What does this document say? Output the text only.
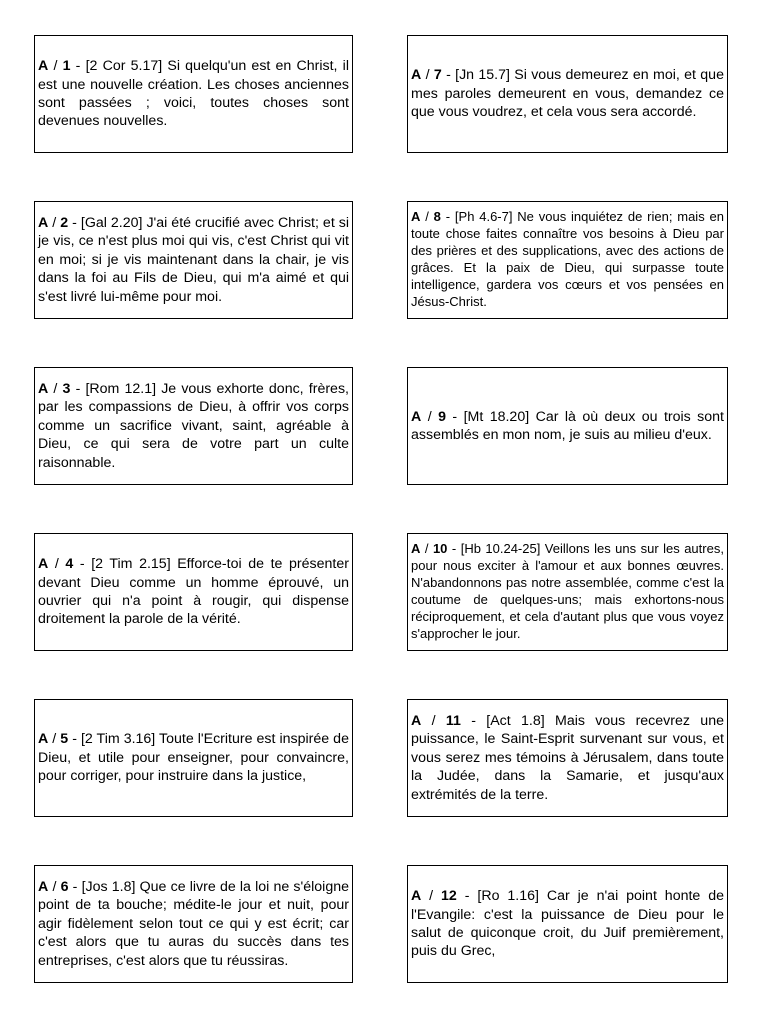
A / 1 - [2 Cor 5.17] Si quelqu'un est en Christ, il est une nouvelle création. Les choses anciennes sont passées ; voici, toutes choses sont devenues nouvelles.
A / 2 - [Gal 2.20] J'ai été crucifié avec Christ; et si je vis, ce n'est plus moi qui vis, c'est Christ qui vit en moi; si je vis maintenant dans la chair, je vis dans la foi au Fils de Dieu, qui m'a aimé et qui s'est livré lui-même pour moi.
A / 3 - [Rom 12.1] Je vous exhorte donc, frères, par les compassions de Dieu, à offrir vos corps comme un sacrifice vivant, saint, agréable à Dieu, ce qui sera de votre part un culte raisonnable.
A / 4 - [2 Tim 2.15] Efforce-toi de te présenter devant Dieu comme un homme éprouvé, un ouvrier qui n'a point à rougir, qui dispense droitement la parole de la vérité.
A / 5 - [2 Tim 3.16] Toute l'Ecriture est inspirée de Dieu, et utile pour enseigner, pour convaincre, pour corriger, pour instruire dans la justice,
A / 6 - [Jos 1.8] Que ce livre de la loi ne s'éloigne point de ta bouche; médite-le jour et nuit, pour agir fidèlement selon tout ce qui y est écrit; car c'est alors que tu auras du succès dans tes entreprises, c'est alors que tu réussiras.
A / 7 - [Jn 15.7] Si vous demeurez en moi, et que mes paroles demeurent en vous, demandez ce que vous voudrez, et cela vous sera accordé.
A / 8 - [Ph 4.6-7] Ne vous inquiétez de rien; mais en toute chose faites connaître vos besoins à Dieu par des prières et des supplications, avec des actions de grâces. Et la paix de Dieu, qui surpasse toute intelligence, gardera vos cœurs et vos pensées en Jésus-Christ.
A / 9 - [Mt 18.20] Car là où deux ou trois sont assemblés en mon nom, je suis au milieu d'eux.
A / 10 - [Hb 10.24-25] Veillons les uns sur les autres, pour nous exciter à l'amour et aux bonnes œuvres. N'abandonnons pas notre assemblée, comme c'est la coutume de quelques-uns; mais exhortons-nous réciproquement, et cela d'autant plus que vous voyez s'approcher le jour.
A / 11 - [Act 1.8] Mais vous recevrez une puissance, le Saint-Esprit survenant sur vous, et vous serez mes témoins à Jérusalem, dans toute la Judée, dans la Samarie, et jusqu'aux extrémités de la terre.
A / 12 - [Ro 1.16] Car je n'ai point honte de l'Evangile: c'est la puissance de Dieu pour le salut de quiconque croit, du Juif premièrement, puis du Grec,
